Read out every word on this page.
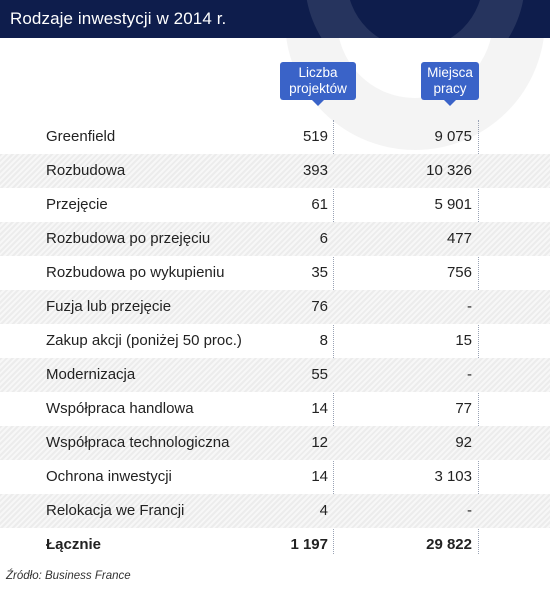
Rodzaje inwestycji w 2014 r.
Liczba projektów
Miejsca pracy
Greenfield	519	9 075
Rozbudowa	393	10 326
Przejęcie	61	5 901
Rozbudowa po przejęciu	6	477
Rozbudowa po wykupieniu	35	756
Fuzja lub przejęcie	76	-
Zakup akcji (poniżej 50 proc.)	8	15
Modernizacja	55	-
Współpraca handlowa	14	77
Współpraca technologiczna	12	92
Ochrona inwestycji	14	3 103
Relokacja we Francji	4	-
Łącznie	1 197	29 822
Źródło: Business France
